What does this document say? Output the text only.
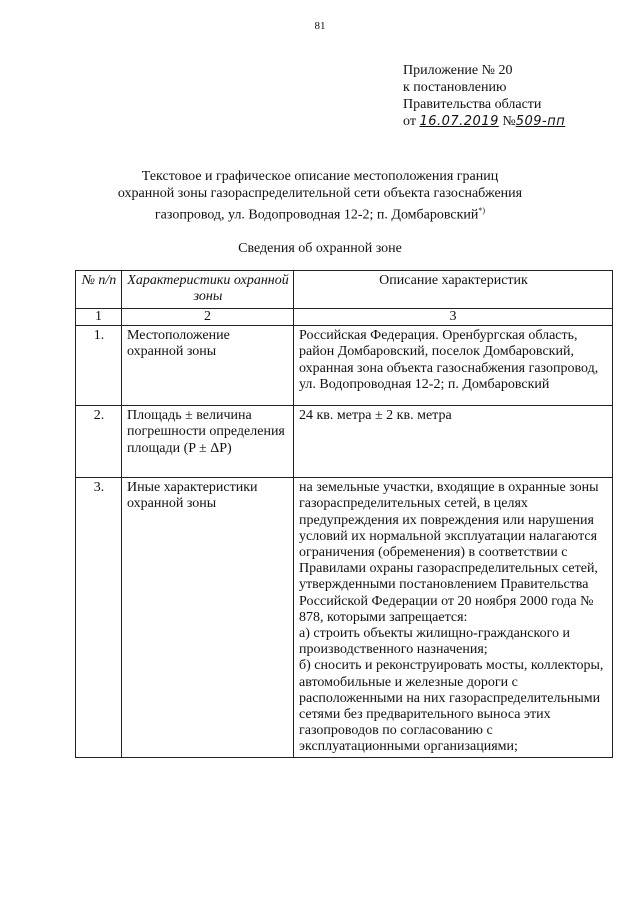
81
Приложение № 20
к постановлению
Правительства области
от 16.07.2019 №509-пп
Текстовое и графическое описание местоположения границ
охранной зоны газораспределительной сети объекта газоснабжения
газопровод, ул. Водопроводная 12-2; п. Домбаровский*)
Сведения об охранной зоне
№ п/п	Характеристики охранной зоны	Описание характеристик
1	2	3
1.	Местоположение охранной зоны	Российская Федерация. Оренбургская область, район Домбаровский, поселок Домбаровский, охранная зона объекта газоснабжения газопровод, ул. Водопроводная 12-2; п. Домбаровский
2.	Площадь ± величина погрешности определения площади (P ± ΔP)	24 кв. метра ± 2 кв. метра
3.	Иные характеристики охранной зоны	на земельные участки, входящие в охранные зоны газораспределительных сетей, в целях предупреждения их повреждения или нарушения условий их нормальной эксплуатации налагаются ограничения (обременения) в соответствии с Правилами охраны газораспределительных сетей, утвержденными постановлением Правительства Российской Федерации от 20 ноября 2000 года № 878, которыми запрещается:
а) строить объекты жилищно-гражданского и производственного назначения;
б) сносить и реконструировать мосты, коллекторы, автомобильные и железные дороги с расположенными на них газораспределительными сетями без предварительного выноса этих газопроводов по согласованию с эксплуатационными организациями;
